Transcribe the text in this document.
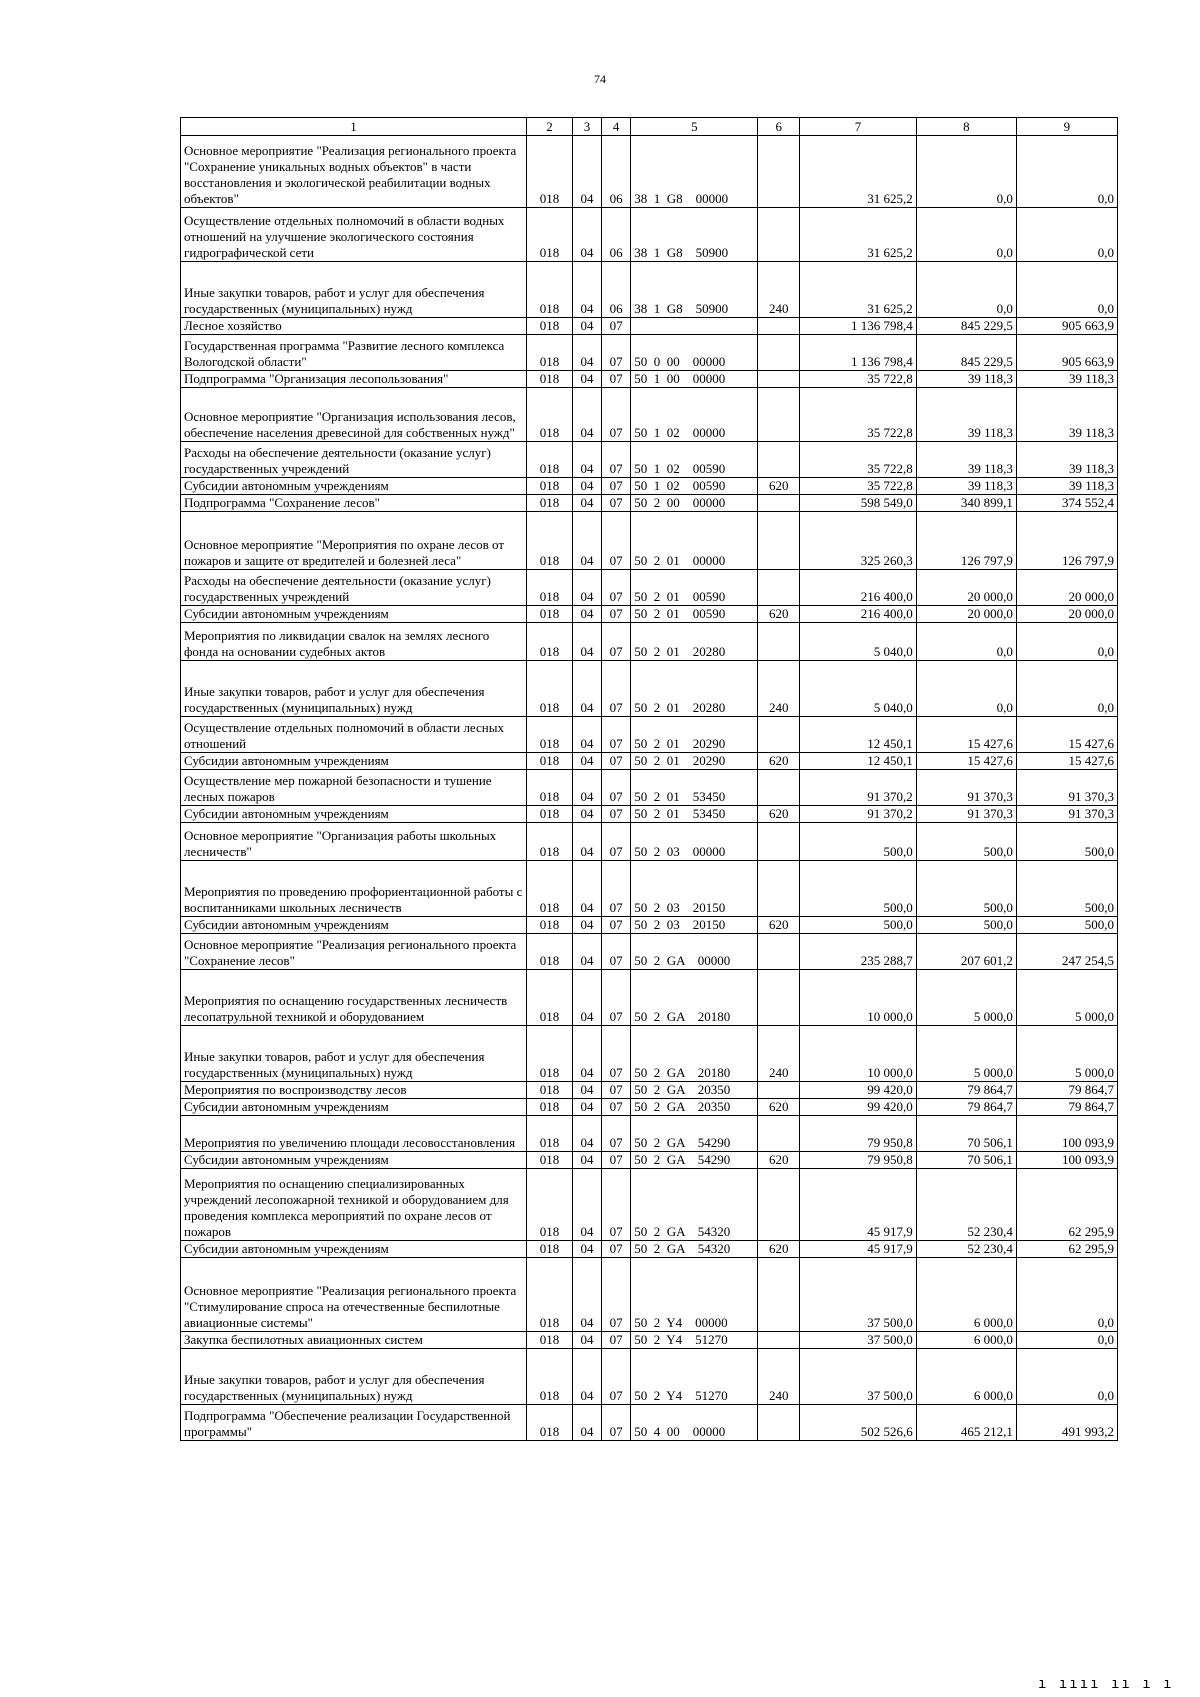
74
1	2	3	4	5	6	7	8	9
Основное мероприятие "Реализация регионального проекта "Сохранение уникальных водных объектов" в части восстановления и экологической реабилитации водных объектов"	018	04	06	38  1  G8    00000		31 625,2	0,0	0,0
Осуществление отдельных полномочий в области водных отношений на улучшение экологического состояния гидрографической сети	018	04	06	38  1  G8    50900		31 625,2	0,0	0,0
Иные закупки товаров, работ и услуг для обеспечения государственных (муниципальных) нужд	018	04	06	38  1  G8    50900	240	31 625,2	0,0	0,0
Лесное хозяйство	018	04	07			1 136 798,4	845 229,5	905 663,9
Государственная программа "Развитие лесного комплекса Вологодской области"	018	04	07	50  0  00    00000		1 136 798,4	845 229,5	905 663,9
Подпрограмма "Организация лесопользования"	018	04	07	50  1  00    00000		35 722,8	39 118,3	39 118,3
Основное мероприятие "Организация использования лесов, обеспечение населения древесиной для собственных нужд"	018	04	07	50  1  02    00000		35 722,8	39 118,3	39 118,3
Расходы на обеспечение деятельности (оказание услуг) государственных учреждений	018	04	07	50  1  02    00590		35 722,8	39 118,3	39 118,3
Субсидии автономным учреждениям	018	04	07	50  1  02    00590	620	35 722,8	39 118,3	39 118,3
Подпрограмма "Сохранение лесов"	018	04	07	50  2  00    00000		598 549,0	340 899,1	374 552,4
Основное мероприятие "Мероприятия по охране лесов от пожаров и защите от вредителей и болезней леса"	018	04	07	50  2  01    00000		325 260,3	126 797,9	126 797,9
Расходы на обеспечение деятельности (оказание услуг) государственных учреждений	018	04	07	50  2  01    00590		216 400,0	20 000,0	20 000,0
Субсидии автономным учреждениям	018	04	07	50  2  01    00590	620	216 400,0	20 000,0	20 000,0
Мероприятия по ликвидации свалок на землях лесного фонда на основании судебных актов	018	04	07	50  2  01    20280		5 040,0	0,0	0,0
Иные закупки товаров, работ и услуг для обеспечения государственных (муниципальных) нужд	018	04	07	50  2  01    20280	240	5 040,0	0,0	0,0
Осуществление отдельных полномочий в области лесных отношений	018	04	07	50  2  01    20290		12 450,1	15 427,6	15 427,6
Субсидии автономным учреждениям	018	04	07	50  2  01    20290	620	12 450,1	15 427,6	15 427,6
Осуществление мер пожарной безопасности и тушение лесных пожаров	018	04	07	50  2  01    53450		91 370,2	91 370,3	91 370,3
Субсидии автономным учреждениям	018	04	07	50  2  01    53450	620	91 370,2	91 370,3	91 370,3
Основное мероприятие "Организация работы школьных лесничеств"	018	04	07	50  2  03    00000		500,0	500,0	500,0
Мероприятия по проведению профориентационной работы с воспитанниками школьных лесничеств	018	04	07	50  2  03    20150		500,0	500,0	500,0
Субсидии автономным учреждениям	018	04	07	50  2  03    20150	620	500,0	500,0	500,0
Основное мероприятие "Реализация регионального проекта "Сохранение лесов"	018	04	07	50  2  GA    00000		235 288,7	207 601,2	247 254,5
Мероприятия по оснащению государственных лесничеств лесопатрульной техникой и оборудованием	018	04	07	50  2  GA    20180		10 000,0	5 000,0	5 000,0
Иные закупки товаров, работ и услуг для обеспечения государственных (муниципальных) нужд	018	04	07	50  2  GA    20180	240	10 000,0	5 000,0	5 000,0
Мероприятия по воспроизводству лесов	018	04	07	50  2  GA    20350		99 420,0	79 864,7	79 864,7
Субсидии автономным учреждениям	018	04	07	50  2  GA    20350	620	99 420,0	79 864,7	79 864,7
Мероприятия по увеличению площади лесовосстановления	018	04	07	50  2  GA    54290		79 950,8	70 506,1	100 093,9
Субсидии автономным учреждениям	018	04	07	50  2  GA    54290	620	79 950,8	70 506,1	100 093,9
Мероприятия по оснащению специализированных учреждений лесопожарной техникой и оборудованием для проведения комплекса мероприятий по охране лесов от пожаров	018	04	07	50  2  GA    54320		45 917,9	52 230,4	62 295,9
Субсидии автономным учреждениям	018	04	07	50  2  GA    54320	620	45 917,9	52 230,4	62 295,9
Основное мероприятие "Реализация регионального проекта "Стимулирование спроса на отечественные беспилотные авиационные системы"	018	04	07	50  2  Y4    00000		37 500,0	6 000,0	0,0
Закупка беспилотных авиационных систем	018	04	07	50  2  Y4    51270		37 500,0	6 000,0	0,0
Иные закупки товаров, работ и услуг для обеспечения государственных (муниципальных) нужд	018	04	07	50  2  Y4    51270	240	37 500,0	6 000,0	0,0
Подпрограмма "Обеспечение реализации Государственной программы"	018	04	07	50  4  00    00000		502 526,6	465 212,1	491 993,2
ı ıııı ıı ı ı
